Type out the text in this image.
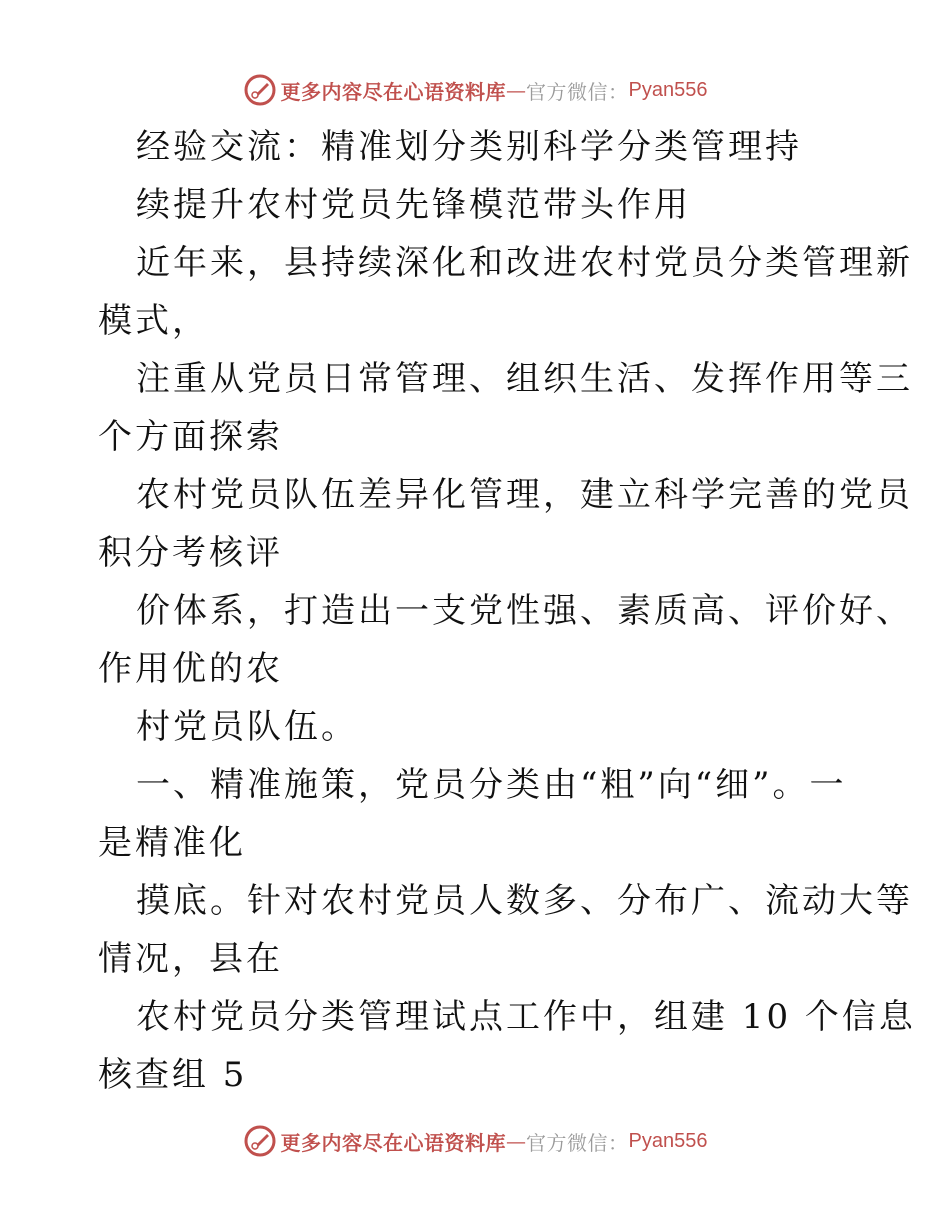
更多内容尽在心语资料库 — 官方微信： Pyan556

经验交流：精准划分类别科学分类管理持
续提升农村党员先锋模范带头作用

近年来，县持续深化和改进农村党员分类管理新
模式，

注重从党员日常管理、组织生活、发挥作用等三
个方面探索

农村党员队伍差异化管理，建立科学完善的党员
积分考核评

价体系，打造出一支党性强、素质高、评价好、
作用优的农

村党员队伍。

一、精准施策，党员分类由“粗”向“细”。一
是精准化

摸底。针对农村党员人数多、分布广、流动大等
情况，县在

农村党员分类管理试点工作中，组建 10 个信息
核查组 5

更多内容尽在心语资料库 — 官方微信： Pyan556
